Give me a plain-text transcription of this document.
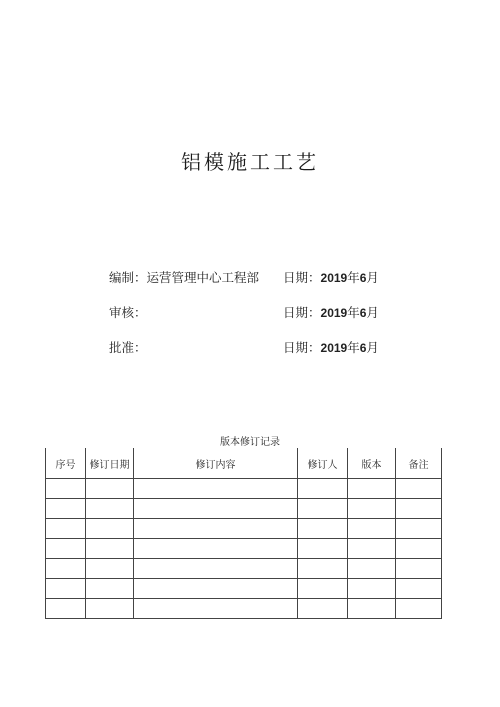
铝模施工工艺
编制：运营管理中心工程部 日期：2019年6月
审核：	日期：2019年6月
批准：	日期：2019年6月
版本修订记录
序号	修订日期	修订内容	修订人	版本	备注
